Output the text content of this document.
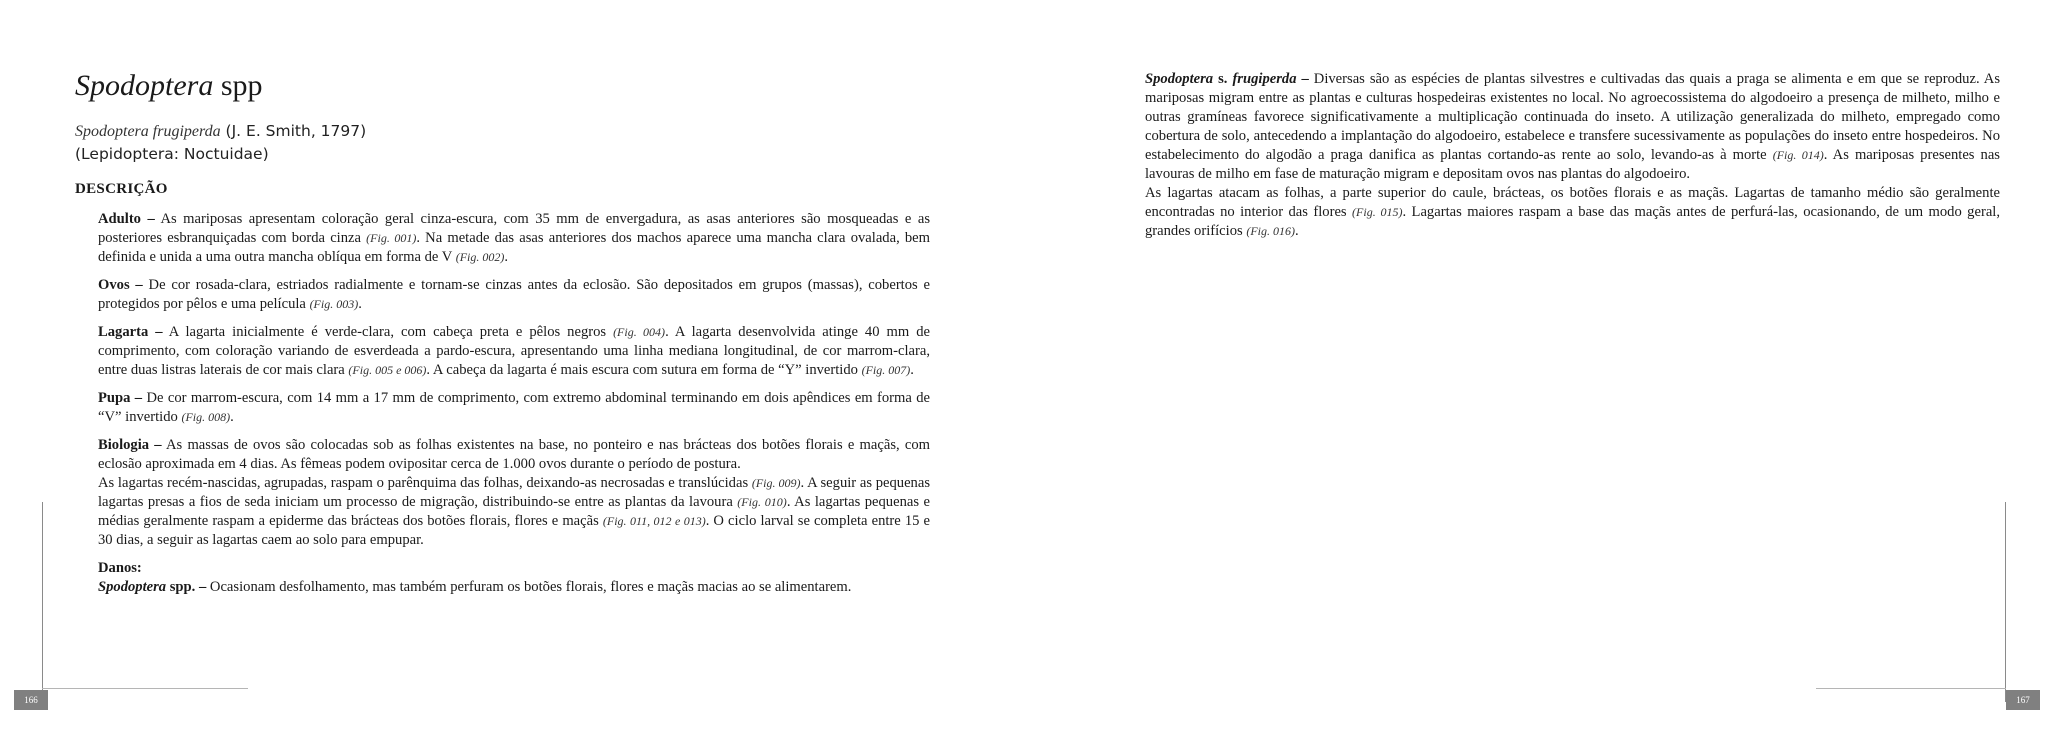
Spodoptera spp
Spodoptera frugiperda (J. E. Smith, 1797)
(Lepidoptera: Noctuidae)
DESCRIÇÃO

Adulto – As mariposas apresentam coloração geral cinza-escura, com 35 mm de envergadura, as asas anteriores são mosqueadas e as posteriores esbranquiçadas com borda cinza (Fig. 001). Na metade das asas anteriores dos machos aparece uma mancha clara ovalada, bem definida e unida a uma outra mancha oblíqua em forma de V (Fig. 002).

Ovos – De cor rosada-clara, estriados radialmente e tornam-se cinzas antes da eclosão. São depositados em grupos (massas), cobertos e protegidos por pêlos e uma película (Fig. 003).

Lagarta – A lagarta inicialmente é verde-clara, com cabeça preta e pêlos negros (Fig. 004). A lagarta desenvolvida atinge 40 mm de comprimento, com coloração variando de esverdeada a pardo-escura, apresentando uma linha mediana longitudinal, de cor marrom-clara, entre duas listras laterais de cor mais clara (Fig. 005 e 006). A cabeça da lagarta é mais escura com sutura em forma de “Y” invertido (Fig. 007).

Pupa – De cor marrom-escura, com 14 mm a 17 mm de comprimento, com extremo abdominal terminando em dois apêndices em forma de “V” invertido (Fig. 008).

Biologia – As massas de ovos são colocadas sob as folhas existentes na base, no ponteiro e nas brácteas dos botões florais e maçãs, com eclosão aproximada em 4 dias. As fêmeas podem ovipositar cerca de 1.000 ovos durante o período de postura.
As lagartas recém-nascidas, agrupadas, raspam o parênquima das folhas, deixando-as necrosadas e translúcidas (Fig. 009). A seguir as pequenas lagartas presas a fios de seda iniciam um processo de migração, distribuindo-se entre as plantas da lavoura (Fig. 010). As lagartas pequenas e médias geralmente raspam a epiderme das brácteas dos botões florais, flores e maçãs (Fig. 011, 012 e 013). O ciclo larval se completa entre 15 e 30 dias, a seguir as lagartas caem ao solo para empupar.

Danos:

Spodoptera spp. – Ocasionam desfolhamento, mas também perfuram os botões florais, flores e maçãs macias ao se alimentarem.

166

Spodoptera s. frugiperda – Diversas são as espécies de plantas silvestres e cultivadas das quais a praga se alimenta e em que se reproduz. As mariposas migram entre as plantas e culturas hospedeiras existentes no local. No agroecossistema do algodoeiro a presença de milheto, milho e outras gramíneas favorece significativamente a multiplicação continuada do inseto. A utilização generalizada do milheto, empregado como cobertura de solo, antecedendo a implantação do algodoeiro, estabelece e transfere sucessivamente as populações do inseto entre hospedeiros. No estabelecimento do algodão a praga danifica as plantas cortando-as rente ao solo, levando-as à morte (Fig. 014). As mariposas presentes nas lavouras de milho em fase de maturação migram e depositam ovos nas plantas do algodoeiro.
As lagartas atacam as folhas, a parte superior do caule, brácteas, os botões florais e as maçãs. Lagartas de tamanho médio são geralmente encontradas no interior das flores (Fig. 015). Lagartas maiores raspam a base das maçãs antes de perfurá-las, ocasionando, de um modo geral, grandes orifícios (Fig. 016).

167
